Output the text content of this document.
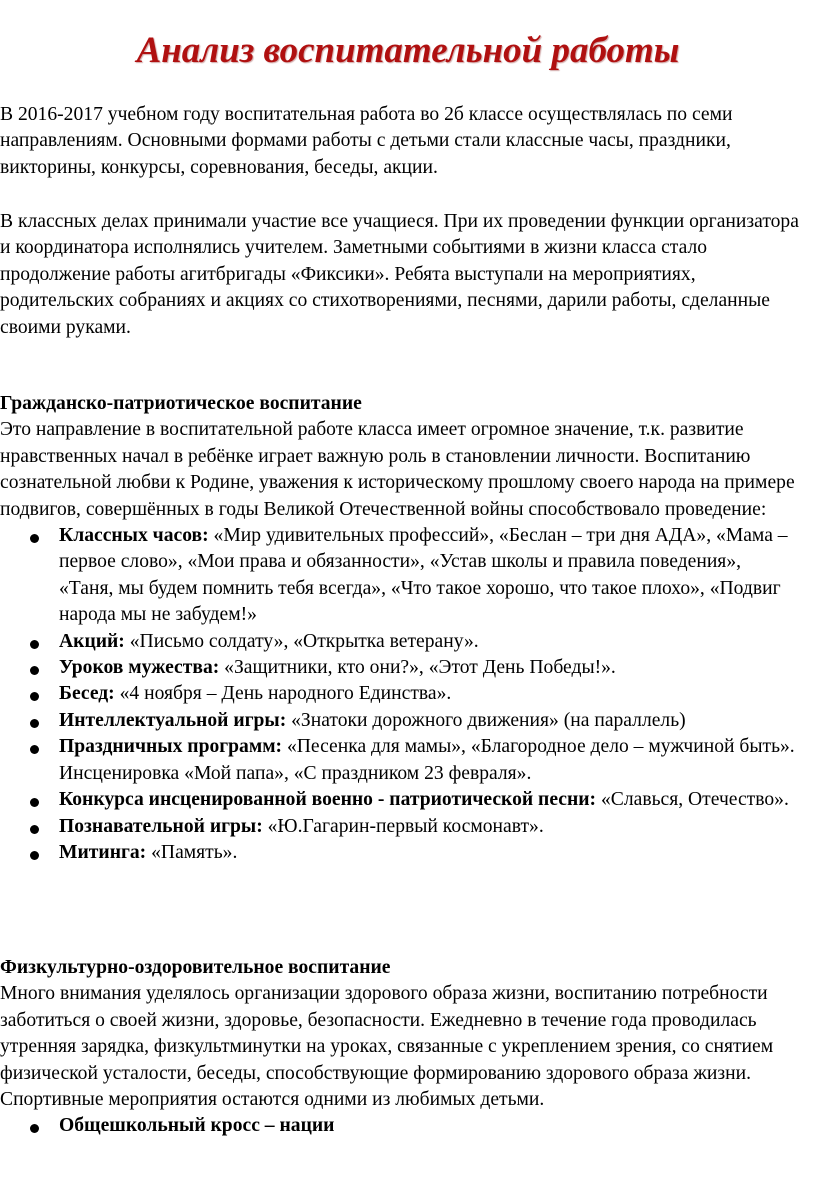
Анализ воспитательной работы

В 2016-2017 учебном году воспитательная работа во 2б классе осуществлялась по семи направлениям. Основными формами работы с детьми стали классные часы, праздники, викторины, конкурсы, соревнования, беседы, акции.

В классных делах принимали участие все учащиеся. При их проведении функции организатора и координатора исполнялись учителем. Заметными событиями в жизни класса стало продолжение работы агитбригады «Фиксики». Ребята выступали на мероприятиях, родительских собраниях и акциях со стихотворениями, песнями, дарили работы, сделанные своими руками.

Гражданско-патриотическое воспитание
Это направление в воспитательной работе класса имеет огромное значение, т.к. развитие нравственных начал в ребёнке играет важную роль в становлении личности. Воспитанию сознательной любви к Родине, уважения к историческому прошлому своего народа на примере подвигов, совершённых в годы Великой Отечественной войны способствовало проведение:
Классных часов: «Мир удивительных профессий», «Беслан – три дня АДА», «Мама – первое слово», «Мои права и обязанности», «Устав школы и правила поведения», «Таня, мы будем помнить тебя всегда», «Что такое хорошо, что такое плохо», «Подвиг народа мы не забудем!»
Акций: «Письмо солдату», «Открытка ветерану».
Уроков мужества: «Защитники, кто они?», «Этот День Победы!».
Бесед: «4 ноября – День народного Единства».
Интеллектуальной игры: «Знатоки дорожного движения» (на параллель)
Праздничных программ: «Песенка для мамы», «Благородное дело – мужчиной быть». Инсценировка «Мой папа», «С праздником 23 февраля».
Конкурса инсценированной военно - патриотической песни: «Славься, Отечество».
Познавательной игры: «Ю.Гагарин-первый космонавт».
Митинга: «Память».
Физкультурно-оздоровительное воспитание
Много внимания уделялось организации здорового образа жизни, воспитанию потребности заботиться о своей жизни, здоровье, безопасности. Ежедневно в течение года проводилась утренняя зарядка, физкультминутки на уроках, связанные с укреплением зрения, со снятием физической усталости, беседы, способствующие формированию здорового образа жизни.
Спортивные мероприятия остаются одними из любимых детьми.
Общешкольный кросс – нации
